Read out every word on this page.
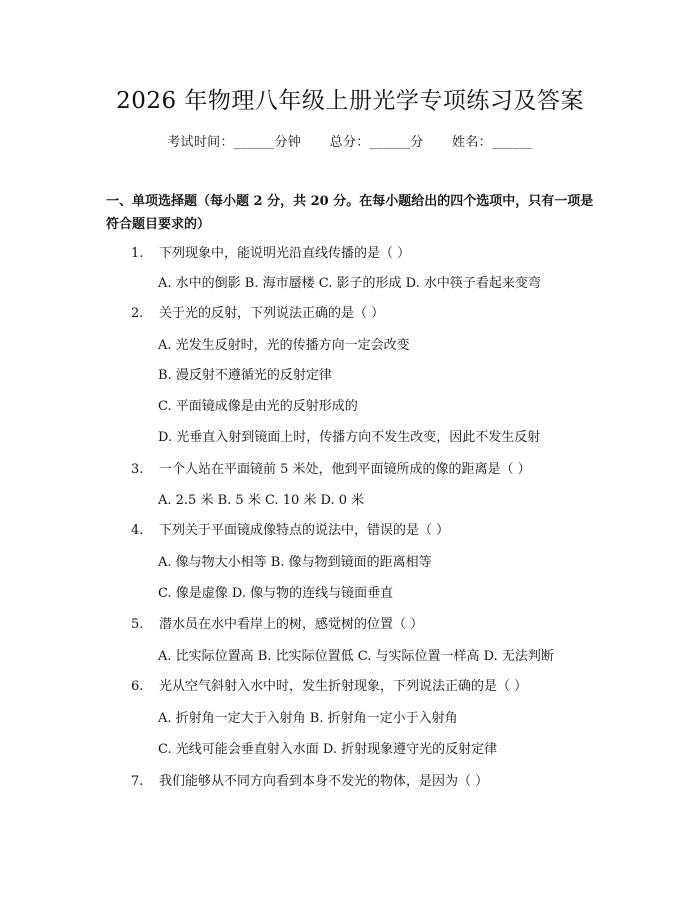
2026 年物理八年级上册光学专项练习及答案
考试时间：______分钟 总分：______分 姓名：______
一、单项选择题（每小题 2 分，共 20 分。在每小题给出的四个选项中，只有一项是符合题目要求的）
1. 下列现象中，能说明光沿直线传播的是（ ）
A. 水中的倒影 B. 海市蜃楼 C. 影子的形成 D. 水中筷子看起来变弯
2. 关于光的反射，下列说法正确的是（ ）
A. 光发生反射时，光的传播方向一定会改变
B. 漫反射不遵循光的反射定律
C. 平面镜成像是由光的反射形成的
D. 光垂直入射到镜面上时，传播方向不发生改变，因此不发生反射
3. 一个人站在平面镜前 5 米处，他到平面镜所成的像的距离是（ ）
A. 2.5 米 B. 5 米 C. 10 米 D. 0 米
4. 下列关于平面镜成像特点的说法中，错误的是（ ）
A. 像与物大小相等 B. 像与物到镜面的距离相等
C. 像是虚像 D. 像与物的连线与镜面垂直
5. 潜水员在水中看岸上的树，感觉树的位置（ ）
A. 比实际位置高 B. 比实际位置低 C. 与实际位置一样高 D. 无法判断
6. 光从空气斜射入水中时，发生折射现象，下列说法正确的是（ ）
A. 折射角一定大于入射角 B. 折射角一定小于入射角
C. 光线可能会垂直射入水面 D. 折射现象遵守光的反射定律
7. 我们能够从不同方向看到本身不发光的物体，是因为（ ）
